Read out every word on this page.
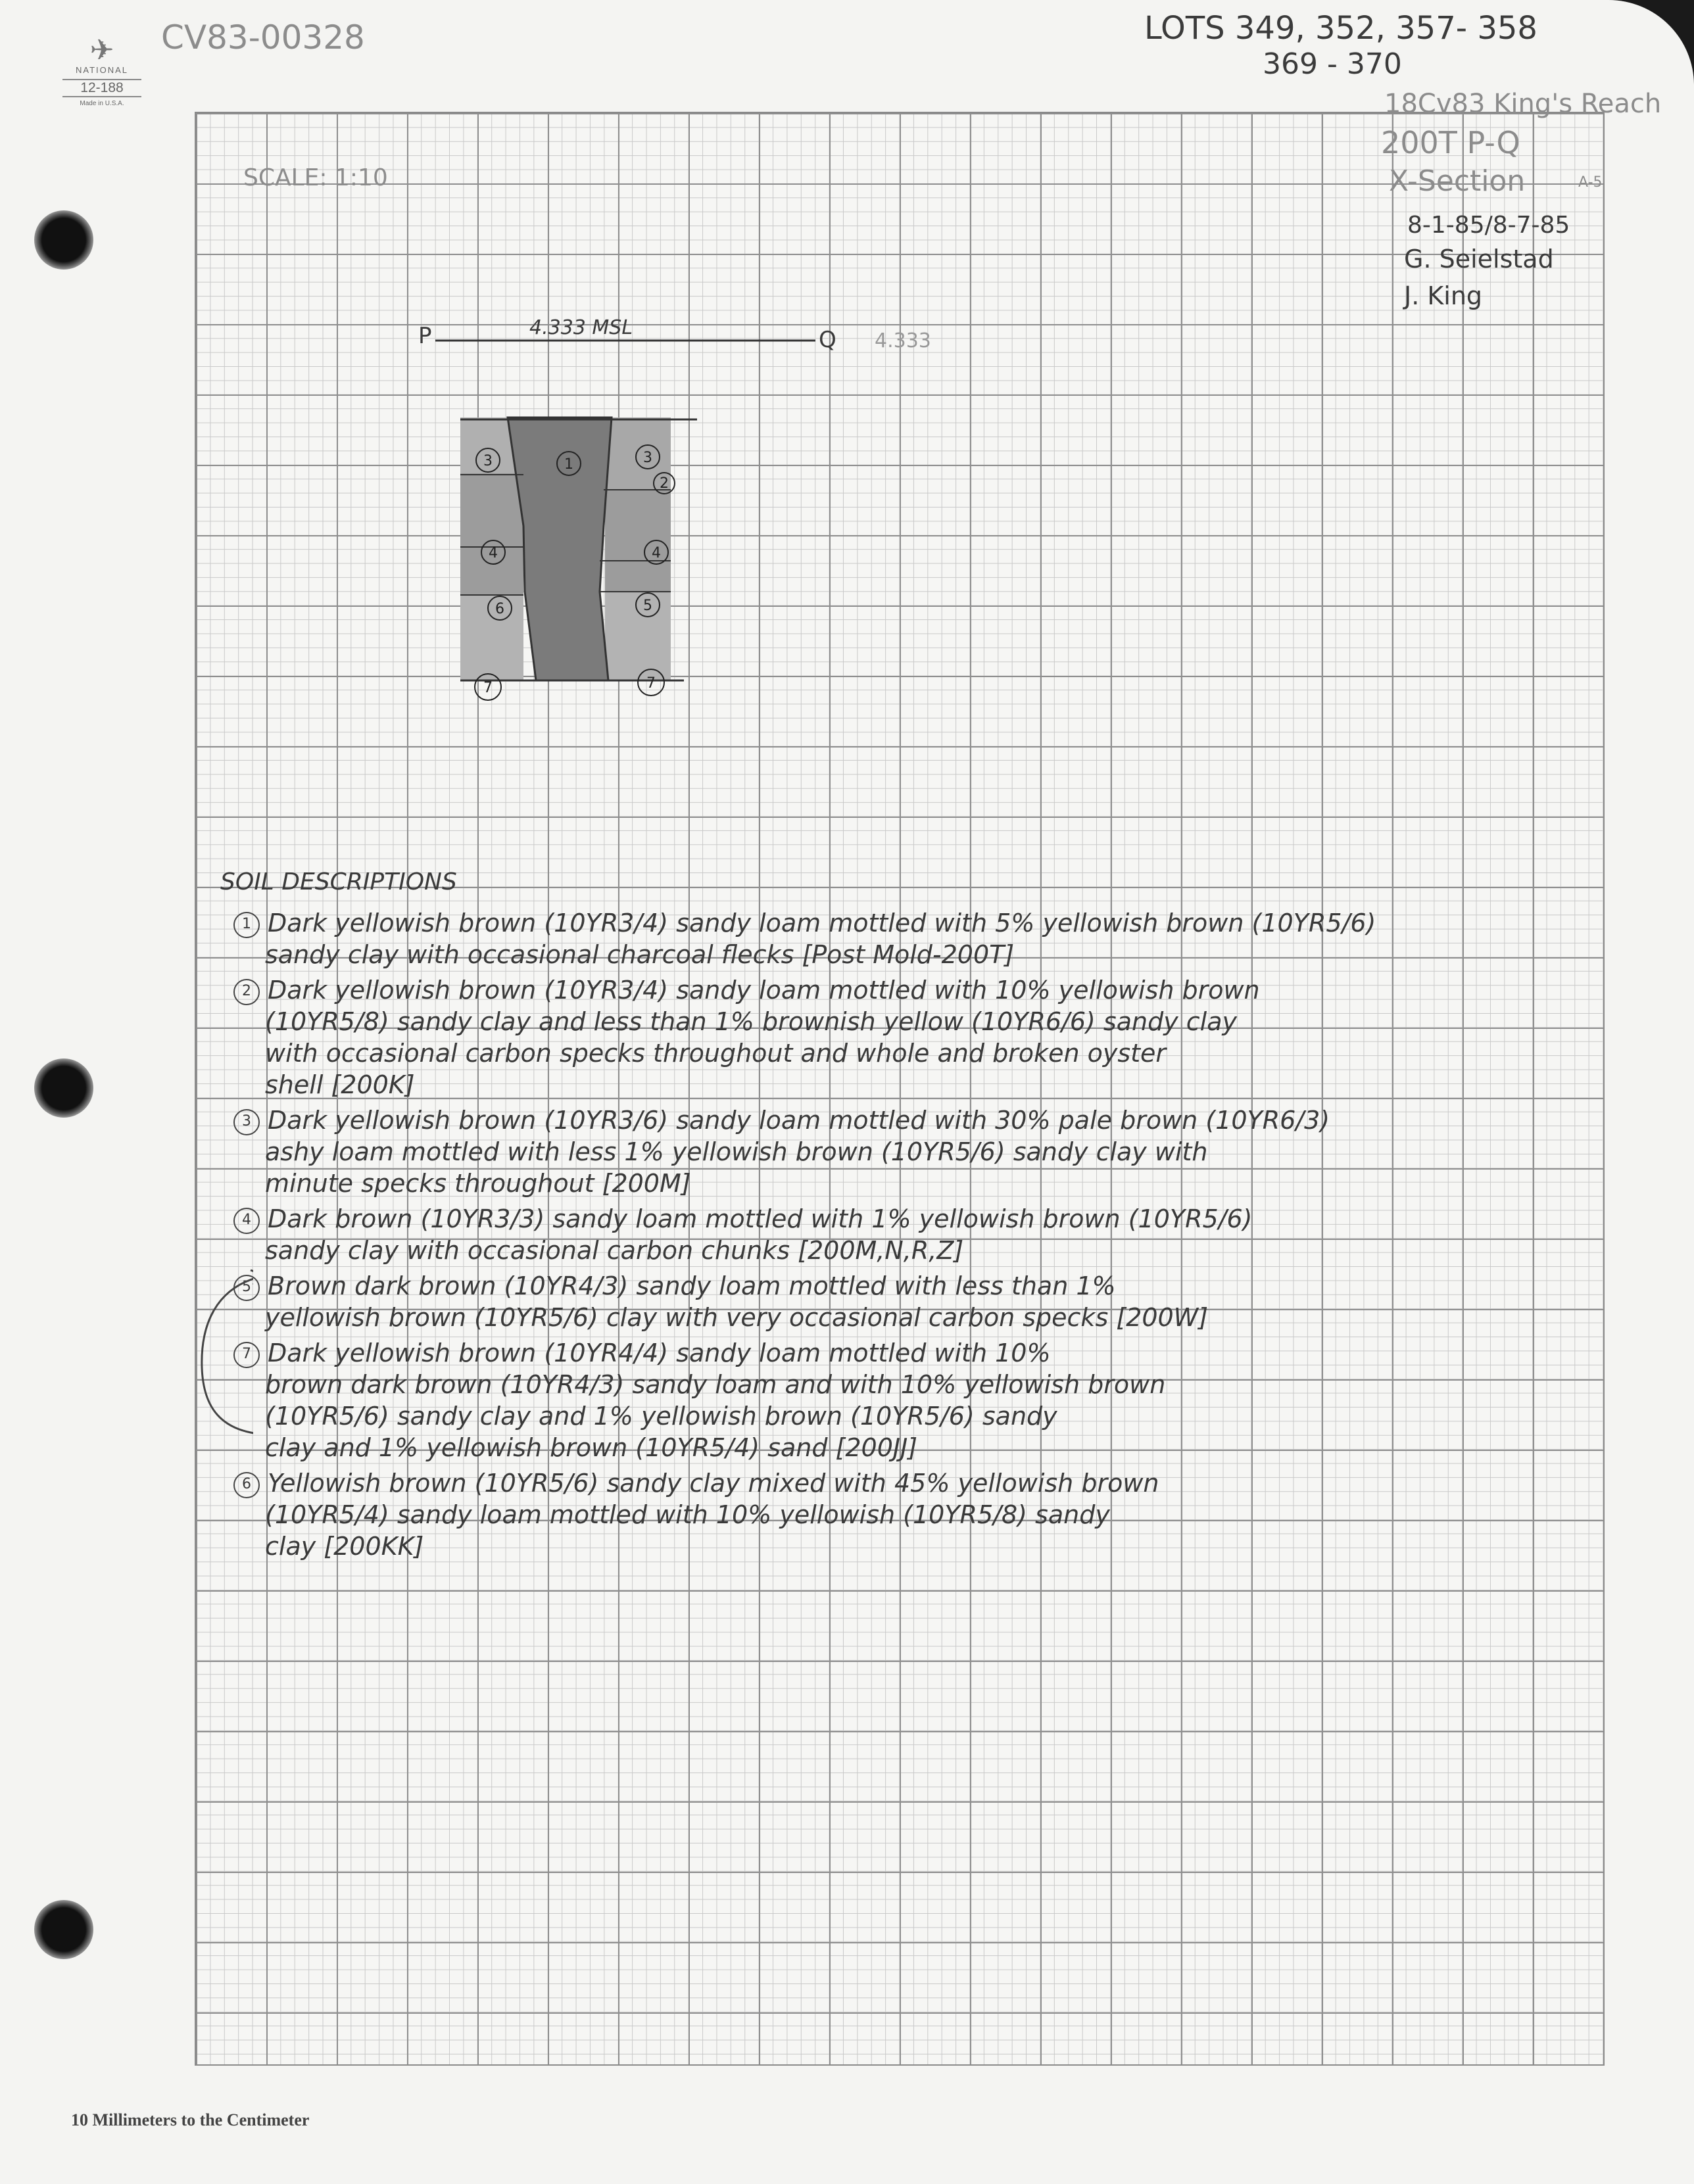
✈
NATIONAL
12-188
Made in U.S.A.
CV83-00328	LOTS 349, 352, 357- 358
369 - 370
18Cv83 King's Reach
200T P-Q
X-Section	A-5
8-1-85/8-7-85
G. Seielstad
J. King
SCALE: 1:10
P	4.333 MSL	Q 4.333
3
4
6
7
1	3
2
4
5
7
SOIL DESCRIPTIONS
1 Dark yellowish brown (10YR3/4) sandy loam mottled with 5% yellowish brown (10YR5/6)
sandy clay with occasional charcoal flecks [Post Mold-200T]
2 Dark yellowish brown (10YR3/4) sandy loam mottled with 10% yellowish brown
(10YR5/8) sandy clay and less than 1% brownish yellow (10YR6/6) sandy clay
with occasional carbon specks throughout and whole and broken oyster
shell [200K]
3 Dark yellowish brown (10YR3/6) sandy loam mottled with 30% pale brown (10YR6/3)
ashy loam mottled with less 1% yellowish brown (10YR5/6) sandy clay with
minute specks throughout [200M]
4 Dark brown (10YR3/3) sandy loam mottled with 1% yellowish brown (10YR5/6)
sandy clay with occasional carbon chunks [200M,N,R,Z]
5 Brown dark brown (10YR4/3) sandy loam mottled with less than 1%
yellowish brown (10YR5/6) clay with very occasional carbon specks [200W]
7 Dark yellowish brown (10YR4/4) sandy loam mottled with 10%
brown dark brown (10YR4/3) sandy loam and with 10% yellowish brown
(10YR5/6) sandy clay and 1% yellowish brown (10YR5/6) sandy
clay and 1% yellowish brown (10YR5/4) sand [200JJ]
6 Yellowish brown (10YR5/6) sandy clay mixed with 45% yellowish brown
(10YR5/4) sandy loam mottled with 10% yellowish (10YR5/8) sandy
clay [200KK]
10 Millimeters to the Centimeter
